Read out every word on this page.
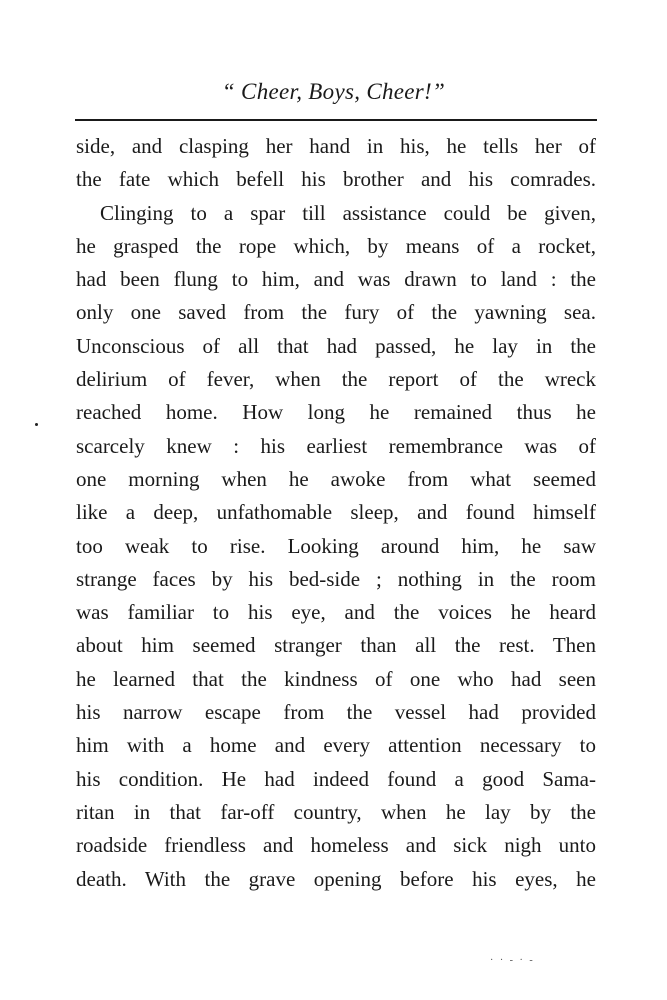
“ Cheer, Boys, Cheer!”
side, and clasping her hand in his, he tells her of
the fate which befell his brother and his comrades.
Clinging to a spar till assistance could be given,
he grasped the rope which, by means of a rocket,
had been flung to him, and was drawn to land : the
only one saved from the fury of the yawning sea.
Unconscious of all that had passed, he lay in the
delirium of fever, when the report of the wreck
reached home. How long he remained thus he
scarcely knew : his earliest remembrance was of
one morning when he awoke from what seemed
like a deep, unfathomable sleep, and found himself
too weak to rise. Looking around him, he saw
strange faces by his bed-side ; nothing in the room
was familiar to his eye, and the voices he heard
about him seemed stranger than all the rest. Then
he learned that the kindness of one who had seen
his narrow escape from the vessel had provided
him with a home and every attention necessary to
his condition. He had indeed found a good Sama-
ritan in that far-off country, when he lay by the
roadside friendless and homeless and sick nigh unto
death. With the grave opening before his eyes, he
· · - · -
